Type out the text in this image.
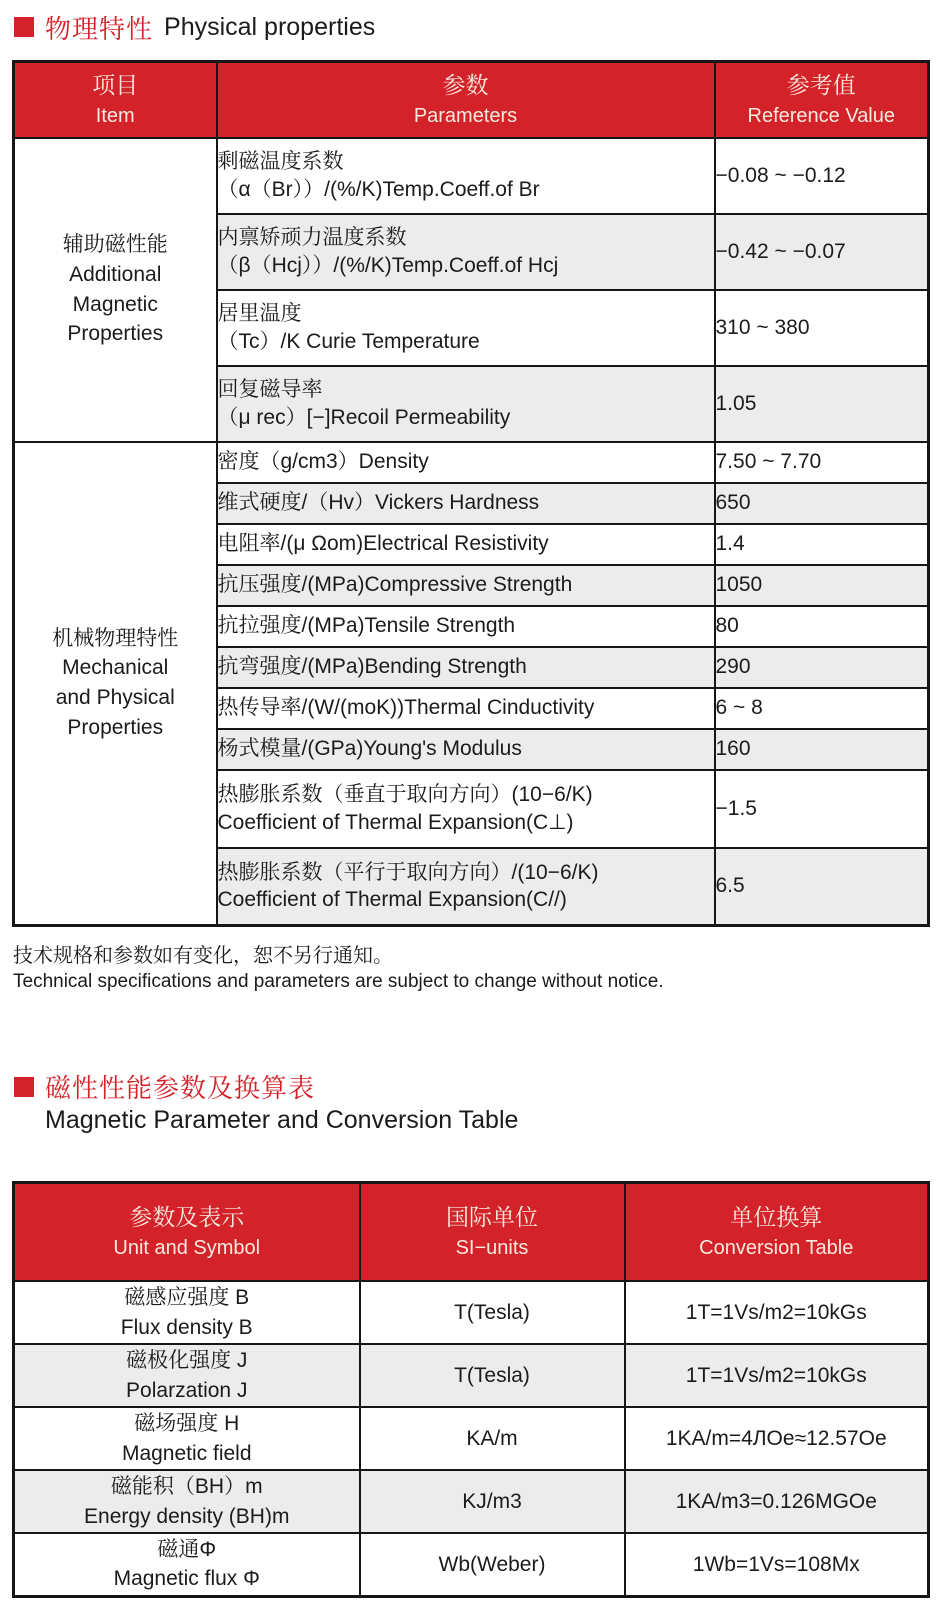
物理特性 Physical properties
项目
Item

参数
Parameters

参考值
Reference Value

辅助磁性能
Additional
Magnetic
Properties

剩磁温度系数
（α（Br））/(%/K)Temp.Coeff.of Br
	−0.08 ~ −0.12

	内禀矫顽力温度系数
（β（Hcj））/(%/K)Temp.Coeff.of Hcj	−0.42 ~ −0.07

	居里温度
（Tc）/K Curie Temperature	310 ~ 380

	回复磁导率
（μ rec）[−]Recoil Permeability	1.05

机械物理特性
Mechanical
and Physical
Properties	密度（g/cm3）Density	7.50 ~ 7.70

	维式硬度/（Hv）Vickers Hardness	650

	电阻率/(μ Ωom)Electrical Resistivity	1.4

	抗压强度/(MPa)Compressive Strength	1050

	抗拉强度/(MPa)Tensile Strength	80

	抗弯强度/(MPa)Bending Strength	290

	热传导率/(W/(moK))Thermal Cinductivity	6 ~ 8

	杨式模量/(GPa)Young's Modulus	160

	热膨胀系数（垂直于取向方向）(10−6/K)
Coefficient of Thermal Expansion(C⊥)	−1.5

	热膨胀系数（平行于取向方向）/(10−6/K)
Coefficient of Thermal Expansion(C//)	6.5
技术规格和参数如有变化，恕不另行通知。
Technical specifications and parameters are subject to change without notice.
磁性性能参数及换算表
Magnetic Parameter and Conversion Table
参数及表示
Unit and Symbol

国际单位
SI−units

单位换算
Conversion Table

磁感应强度 B
Flux density B	T(Tesla)	1T=1Vs/m2=10kGs

磁极化强度 J
Polarzation J	T(Tesla)	1T=1Vs/m2=10kGs

磁场强度 H
Magnetic field	KA/m	1KA/m=4ЛOe≈12.57Oe

磁能积（BH）m
Energy density (BH)m	KJ/m3	1KA/m3=0.126MGOe

磁通Φ
Magnetic flux Φ	Wb(Weber)	1Wb=1Vs=108Mx
